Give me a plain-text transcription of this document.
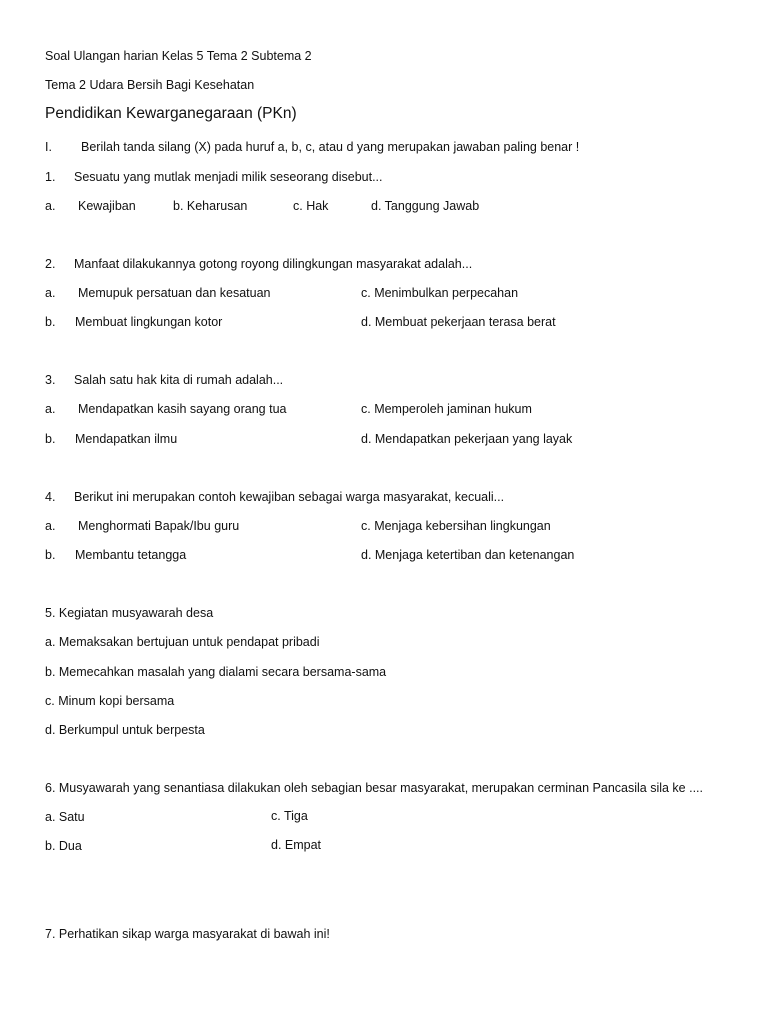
Soal Ulangan harian Kelas 5 Tema 2 Subtema 2
Tema 2 Udara Bersih Bagi Kesehatan
Pendidikan Kewarganegaraan (PKn)
I. Berilah tanda silang (X) pada huruf a, b, c, atau d yang merupakan jawaban paling benar !
1. Sesuatu yang mutlak menjadi milik seseorang disebut...
a. Kewajiban	b. Keharusan	c. Hak	d. Tanggung Jawab
2. Manfaat dilakukannya gotong royong dilingkungan masyarakat adalah...
a. Memupuk persatuan dan kesatuan	c. Menimbulkan perpecahan
b. Membuat lingkungan kotor	d. Membuat pekerjaan terasa berat
3. Salah satu hak kita di rumah adalah...
a. Mendapatkan kasih sayang orang tua	c. Memperoleh jaminan hukum
b. Mendapatkan ilmu	d. Mendapatkan pekerjaan yang layak
4. Berikut ini merupakan contoh kewajiban sebagai warga masyarakat, kecuali...
a. Menghormati Bapak/Ibu guru	c. Menjaga kebersihan lingkungan
b. Membantu tetangga	d. Menjaga ketertiban dan ketenangan
5. Kegiatan musyawarah desa
a. Memaksakan bertujuan untuk pendapat pribadi
b. Memecahkan masalah yang dialami secara bersama-sama
c. Minum kopi bersama
d. Berkumpul untuk berpesta
6. Musyawarah yang senantiasa dilakukan oleh sebagian besar masyarakat, merupakan cerminan Pancasila sila ke ....
a. Satu	c. Tiga
b. Dua	d. Empat
7. Perhatikan sikap warga masyarakat di bawah ini!
